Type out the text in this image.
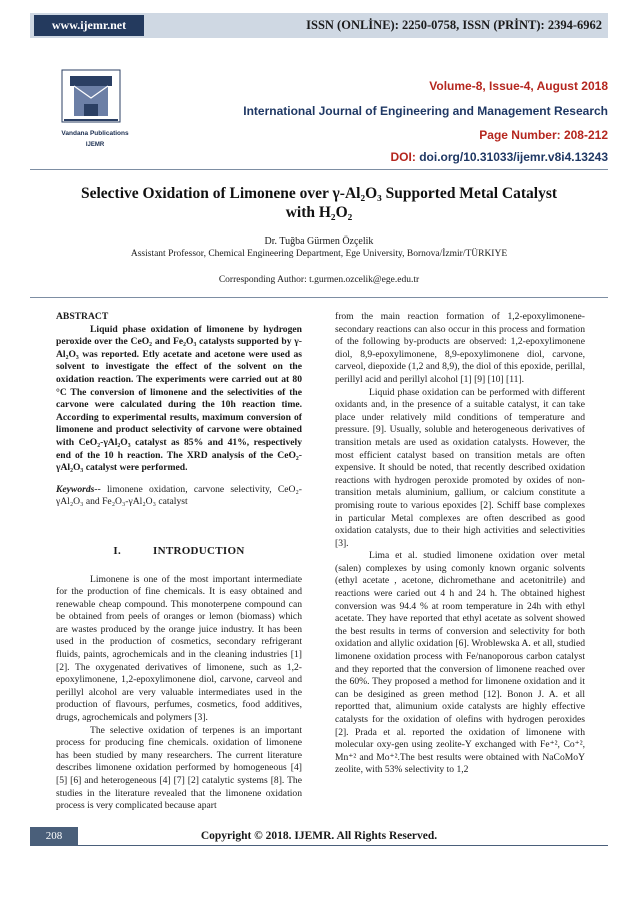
www.ijemr.net	ISSN (ONLİNE): 2250-0758, ISSN (PRİNT): 2394-6962
Vandana Publications
IJEMR
Volume-8, Issue-4, August 2018
International Journal of Engineering and Management Research
Page Number: 208-212
DOI: doi.org/10.31033/ijemr.v8i4.13243
Selective Oxidation of Limonene over γ-Al₂O₃ Supported Metal Catalyst
with H₂O₂
Dr. Tuğba Gürmen Özçelik
Assistant Professor, Chemical Engineering Department, Ege University, Bornova/İzmir/TÜRKIYE
Corresponding Author: t.gurmen.ozcelik@ege.edu.tr

ABSTRACT

Liquid phase oxidation of limonene by hydrogen peroxide over the CeO₂ and Fe₂O₃ catalysts supported by γ-Al₂O₃ was reported. Etly acetate and acetone were used as solvent to investigate the effect of the solvent on the oxidation reaction. The experiments were carried out at 80 °C The conversion of limonene and the selectivities of the carvone were calculated during the 10h reaction time. According to experimental results, maximum conversion of limonene and product selectivity of carvone were obtained with CeO₂-γAl₂O₃ catalyst as 85% and 41%, respectively end of the 10 h reaction. The XRD analysis of the CeO₂-γAl₂O₃ catalyst were performed.

Keywords-- limonene oxidation, carvone selectivity, CeO₂-γAl₂O₃ and Fe₂O₃-γAl₂O₃ catalyst

I.	INTRODUCTION

Limonene is one of the most important intermediate for the production of fine chemicals. It is easy obtained and renewable cheap compound. This monoterpene compound can be obtained from peels of oranges or lemon (biomass) which are wastes produced by the orange juice industry. It has been used in the production of cosmetics, secondary refrigerant fluids, paints, agrochemicals and in the cleaning industries [1] [2]. The oxygenated derivatives of limonene, such as 1,2-epoxylimonene, 1,2-epoxylimonene diol, carvone, carveol and perillyl alcohol are very valuable intermediates used in the production of flavours, perfumes, cosmetics, food additives, drugs, agrochemicals and polymers [3].

The selective oxidation of terpenes is an important process for producing fine chemicals. oxidation of limonene has been studied by many researchers. The current literature describes limonene oxidation performed by homogeneous [4] [5] [6] and heterogeneous [4] [7] [2] catalytic systems [8]. The studies in the literature revealed that the limonene oxidation process is very complicated because apart

from the main reaction formation of 1,2-epoxylimonene-secondary reactions can also occur in this process and formation of the following by-products are observed: 1,2-epoxylimonene diol, 8,9-epoxylimonene, 8,9-epoxylimonene diol, carvone, carveol, diepoxide (1,2 and 8,9), the diol of this epoxide, perillal, perillyl acid and perillyl alcohol [1] [9] [10] [11].

Liquid phase oxidation can be performed with different oxidants and, in the presence of a suitable catalyst, it can take place under relatively mild conditions of temperature and pressure. [9]. Usually, soluble and heterogeneous derivatives of transition metals are used as oxidation catalysts. However, the most efficient catalyst based on transition metals are often expensive. It should be noted, that recently described oxidation reactions with hydrogen peroxide promoted by oxides of non-transition metals aluminium, gallium, or calcium constitute a promising route to various epoxides [2]. Schiff base complexes in particular Metal complexes are often described as good oxidation catalysts, due to their high activities and selectivities [3].

Lima et al. studied limonene oxidation over metal (salen) complexes by using comonly known organic solvents (ethyl acetate , acetone, dichromethane and acetonitrile) and reactions were caried out 4 h and 24 h. The obtained highest conversion was 94.4 % at room temperature in 24h with ethyl acetate. They have reported that ethyl acetate as solvent showed the best results in terms of conversion and selectivity for both oxidation and allylic oxidation [6]. Wroblewska A. et all, studied limonene oxidation process with Fe/nanoporous carbon catalyst and they reported that the conversion of limonene reached over the 60%. They proposed a method for limonene oxidation and it can be desigined as green method [12]. Bonon J. A. et all reportted that, alimunium oxide catalysts are highly effective catalysts for the oxidation of olefins with hydrogen peroxides [2]. Prada et al. reported the oxidation of limonene with molecular oxy-gen using zeolite-Y exchanged with Fe⁺², Co⁺², Mn⁺² and Mo⁺².The best results were obtained with NaCoMoY zeolite, with 53% selectivity to 1,2

Copyright © 2018. IJEMR. All Rights Reserved.
208
